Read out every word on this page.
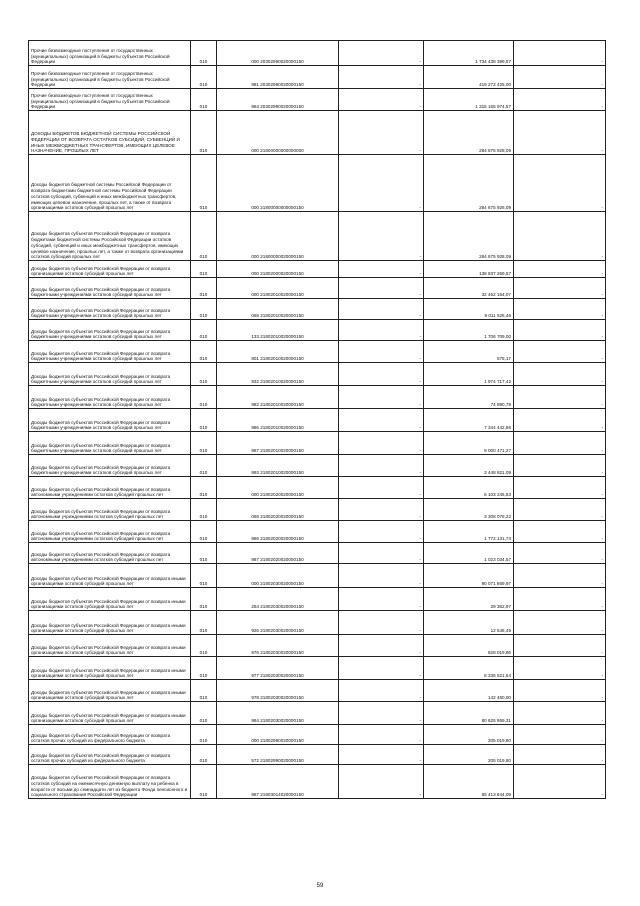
Прочие безвозмездные поступления от государственных (муниципальных) организаций в бюджеты субъектов Российской Федерации	010	000 20302990020000150	-	1 734 438 399,57	-
Прочие безвозмездные поступления от государственных (муниципальных) организаций в бюджеты субъектов Российской Федерации	010	981 20302990020000150	-	419 272 425,00	-
Прочие безвозмездные поступления от государственных (муниципальных) организаций в бюджеты субъектов Российской Федерации	010	984 20302990020000150	-	1 315 165 974,57	-
ДОХОДЫ БЮДЖЕТОВ БЮДЖЕТНОЙ СИСТЕМЫ РОССИЙСКОЙ ФЕДЕРАЦИИ ОТ ВОЗВРАТА ОСТАТКОВ СУБСИДИЙ, СУБВЕНЦИЙ И ИНЫХ МЕЖБЮДЖЕТНЫХ ТРАНСФЕРТОВ, ИМЕЮЩИХ ЦЕЛЕВОЕ НАЗНАЧЕНИЕ, ПРОШЛЫХ ЛЕТ	010	000 21800000000000000	-	284 675 928,09	-
Доходы бюджетов бюджетной системы Российской Федерации от возврата бюджетами бюджетной системы Российской Федерации остатков субсидий, субвенций и иных межбюджетных трансфертов, имеющих целевое назначение, прошлых лет, а также от возврата организациями остатков субсидий прошлых лет	010	000 21800000000000150	-	284 675 928,09	-
Доходы бюджетов субъектов Российской Федерации от возврата бюджетами бюджетной системы Российской Федерации остатков субсидий, субвенций и иных межбюджетных трансфертов, имеющих целевое назначение, прошлых лет, а также от возврата организациями остатков субсидий прошлых лет	010	000 21800000020000150	-	284 675 928,09	-
Доходы бюджетов субъектов Российской Федерации от возврата организациями остатков субсидий прошлых лет	010	000 21802000020000150	-	138 837 269,57	-
Доходы бюджетов субъектов Российской Федерации от возврата бюджетными учреждениями остатков субсидий прошлых лет	010	000 21802010020000150	-	32 462 154,07	-
Доходы бюджетов субъектов Российской Федерации от возврата бюджетными учреждениями остатков субсидий прошлых лет	010	068 21802010020000150	-	9 011 526,46	-
Доходы бюджетов субъектов Российской Федерации от возврата бюджетными учреждениями остатков субсидий прошлых лет	010	133 21802010020000150	-	1 706 709,00	-
Доходы бюджетов субъектов Российской Федерации от возврата бюджетными учреждениями остатков субсидий прошлых лет	010	801 21802010020000150	-	575,17	-
Доходы бюджетов субъектов Российской Федерации от возврата бюджетными учреждениями остатков субсидий прошлых лет	010	932 21802010020000150	-	1 974 717,42	-
Доходы бюджетов субъектов Российской Федерации от возврата бюджетными учреждениями остатков субсидий прошлых лет	010	982 21802010020000150	-	74 890,79	-
Доходы бюджетов субъектов Российской Федерации от возврата бюджетными учреждениями остатков субсидий прошлых лет	010	986 21802010020000150	-	7 344 442,86	-
Доходы бюджетов субъектов Российской Федерации от возврата бюджетными учреждениями остатков субсидий прошлых лет	010	987 21802010020000150	-	8 000 471,27	-
Доходы бюджетов субъектов Российской Федерации от возврата бюджетными учреждениями остатков субсидий прошлых лет	010	993 21802010020000150	-	3 448 821,09	-
Доходы бюджетов субъектов Российской Федерации от возврата автономными учреждениями остатков субсидий прошлых лет	010	000 21802020020000150	-	6 103 245,53	-
Доходы бюджетов субъектов Российской Федерации от возврата автономными учреждениями остатков субсидий прошлых лет	010	068 21802020020000150	-	3 308 079,22	-
Доходы бюджетов субъектов Российской Федерации от возврата автономными учреждениями остатков субсидий прошлых лет	010	986 21802020020000150	-	1 772 131,74	-
Доходы бюджетов субъектов Российской Федерации от возврата автономными учреждениями остатков субсидий прошлых лет	010	987 21802020020000150	-	1 023 034,57	-
Доходы бюджетов субъектов Российской Федерации от возврата иными организациями остатков субсидий прошлых лет	010	000 21802030020000150	-	90 071 869,97	-
Доходы бюджетов субъектов Российской Федерации от возврата иными организациями остатков субсидий прошлых лет	010	254 21802030020000150	-	29 362,97	-
Доходы бюджетов субъектов Российской Федерации от возврата иными организациями остатков субсидий прошлых лет	010	926 21802030020000150	-	12 546,49	-
Доходы бюджетов субъектов Российской Федерации от возврата иными организациями остатков субсидий прошлых лет	010	976 21802030020000150	-	828 019,86	-
Доходы бюджетов субъектов Российской Федерации от возврата иными организациями остатков субсидий прошлых лет	010	977 21802030020000150	-	8 336 521,64	-
Доходы бюджетов субъектов Российской Федерации от возврата иными организациями остатков субсидий прошлых лет	010	978 21802030020000150	-	142 460,00	-
Доходы бюджетов субъектов Российской Федерации от возврата иными организациями остатков субсидий прошлых лет	010	984 21802030020000150	-	80 625 959,31	-
Доходы бюджетов субъектов Российской Федерации от возврата остатков прочих субсидий из федерального бюджета	010	000 21802990020000150	-	205 019,80	-
Доходы бюджетов субъектов Российской Федерации от возврата остатков прочих субсидий из федерального бюджета	010	572 21802990020000150	-	205 019,80	-
Доходы бюджетов субъектов Российской Федерации от возврата остатков субсидий на ежемесячную денежную выплату на ребенка в возрасте от восьми до семнадцати лет из бюджета Фонда пенсионного и социального страхования Российской Федерации	010	987 21803014020000150	-	65 413 844,09	-
59
